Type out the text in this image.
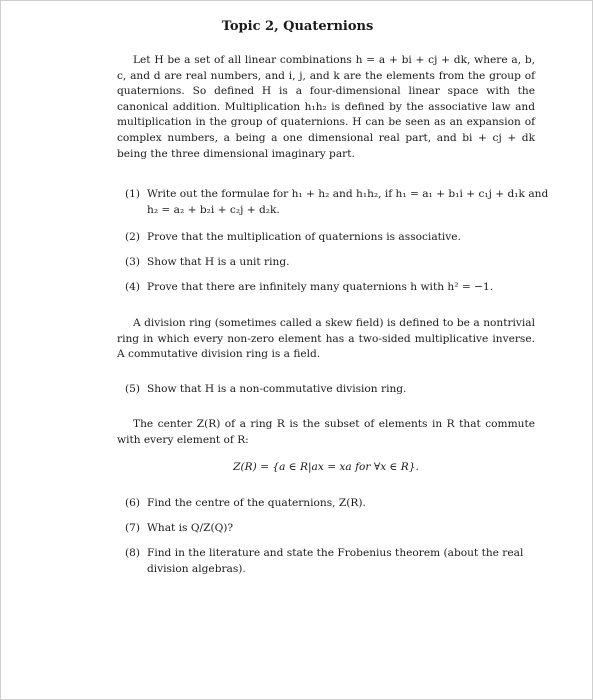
Topic 2, Quaternions

Let H be a set of all linear combinations h = a + bi + cj + dk, where a, b, c, and d are real numbers, and i, j, and k are the elements from the group of quaternions. So defined H is a four-dimensional linear space with the canonical addition. Multiplication h₁h₂ is defined by the associative law and multiplication in the group of quaternions. H can be seen as an expansion of complex numbers, a being a one dimensional real part, and bi + cj + dk being the three dimensional imaginary part.

(1) Write out the formulae for h₁ + h₂ and h₁h₂, if h₁ = a₁ + b₁i + c₁j + d₁k and h₂ = a₂ + b₂i + c₂j + d₂k.
(2) Prove that the multiplication of quaternions is associative.
(3) Show that H is a unit ring.
(4) Prove that there are infinitely many quaternions h with h² = −1.

A division ring (sometimes called a skew field) is defined to be a nontrivial ring in which every non-zero element has a two-sided multiplicative inverse. A commutative division ring is a field.

(5) Show that H is a non-commutative division ring.

The center Z(R) of a ring R is the subset of elements in R that commute with every element of R:

Z(R) = {a ∈ R|ax = xa for ∀x ∈ R}.
(6) Find the centre of the quaternions, Z(R).
(7) What is Q/Z(Q)?
(8) Find in the literature and state the Frobenius theorem (about the real division algebras).
